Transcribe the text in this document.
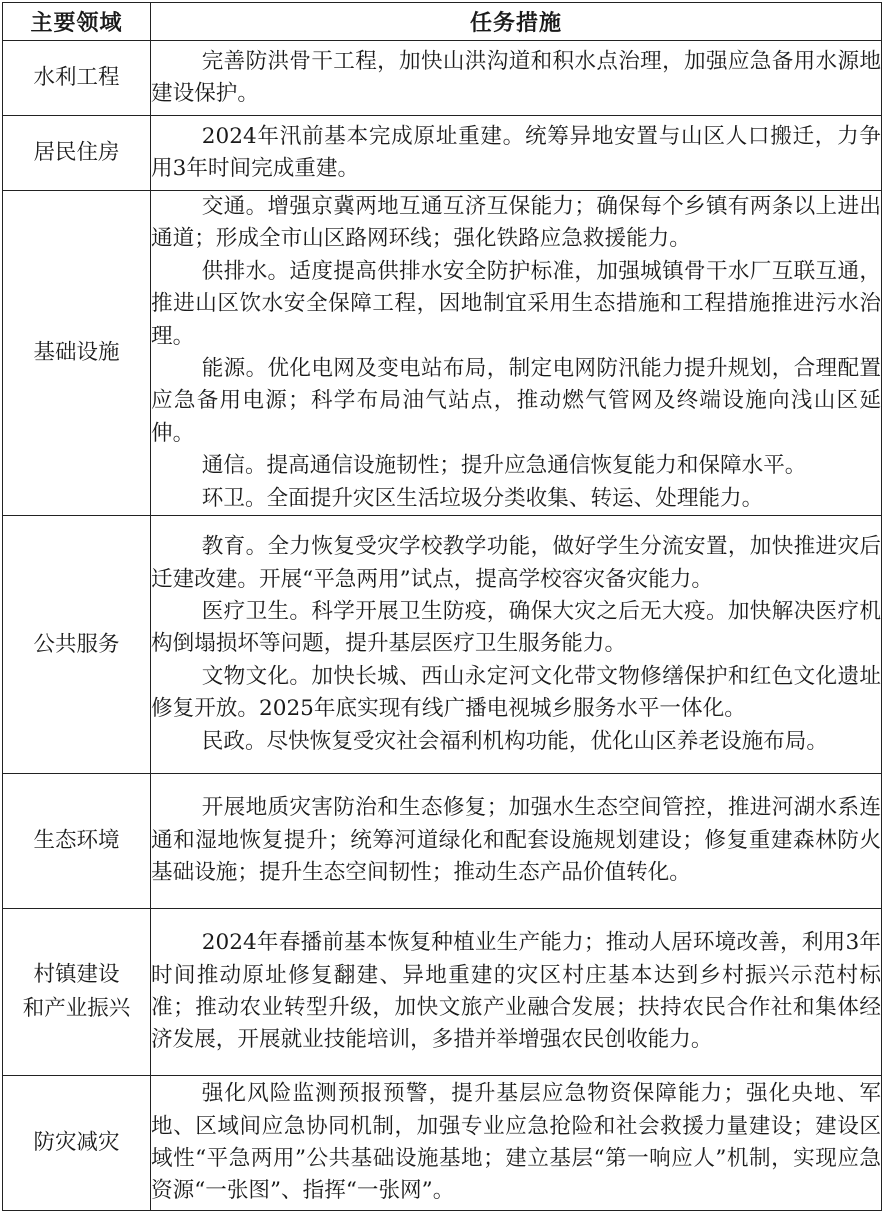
主要领域	任务措施
水利工程	完善防洪骨干工程，加快山洪沟道和积水点治理，加强应急备用水源地建设保护。

居民住房	2024年汛前基本完成原址重建。统筹异地安置与山区人口搬迁，力争用3年时间完成重建。

基础设施	交通。增强京冀两地互通互济互保能力；确保每个乡镇有两条以上进出通道；形成全市山区路网环线；强化铁路应急救援能力。

供排水。适度提高供排水安全防护标准，加强城镇骨干水厂互联互通，推进山区饮水安全保障工程，因地制宜采用生态措施和工程措施推进污水治理。

能源。优化电网及变电站布局，制定电网防汛能力提升规划，合理配置应急备用电源；科学布局油气站点，推动燃气管网及终端设施向浅山区延伸。

通信。提高通信设施韧性；提升应急通信恢复能力和保障水平。

环卫。全面提升灾区生活垃圾分类收集、转运、处理能力。

公共服务	教育。全力恢复受灾学校教学功能，做好学生分流安置，加快推进灾后迁建改建。开展“平急两用”试点，提高学校容灾备灾能力。

医疗卫生。科学开展卫生防疫，确保大灾之后无大疫。加快解决医疗机构倒塌损坏等问题，提升基层医疗卫生服务能力。

文物文化。加快长城、西山永定河文化带文物修缮保护和红色文化遗址修复开放。2025年底实现有线广播电视城乡服务水平一体化。

民政。尽快恢复受灾社会福利机构功能，优化山区养老设施布局。

生态环境	开展地质灾害防治和生态修复；加强水生态空间管控，推进河湖水系连通和湿地恢复提升；统筹河道绿化和配套设施规划建设；修复重建森林防火基础设施；提升生态空间韧性；推动生态产品价值转化。

村镇建设
和产业振兴	2024年春播前基本恢复种植业生产能力；推动人居环境改善，利用3年时间推动原址修复翻建、异地重建的灾区村庄基本达到乡村振兴示范村标准；推动农业转型升级，加快文旅产业融合发展；扶持农民合作社和集体经济发展，开展就业技能培训，多措并举增强农民创收能力。

防灾减灾	强化风险监测预报预警，提升基层应急物资保障能力；强化央地、军地、区域间应急协同机制，加强专业应急抢险和社会救援力量建设；建设区域性“平急两用”公共基础设施基地；建立基层“第一响应人”机制，实现应急资源“一张图”、指挥“一张网”。
